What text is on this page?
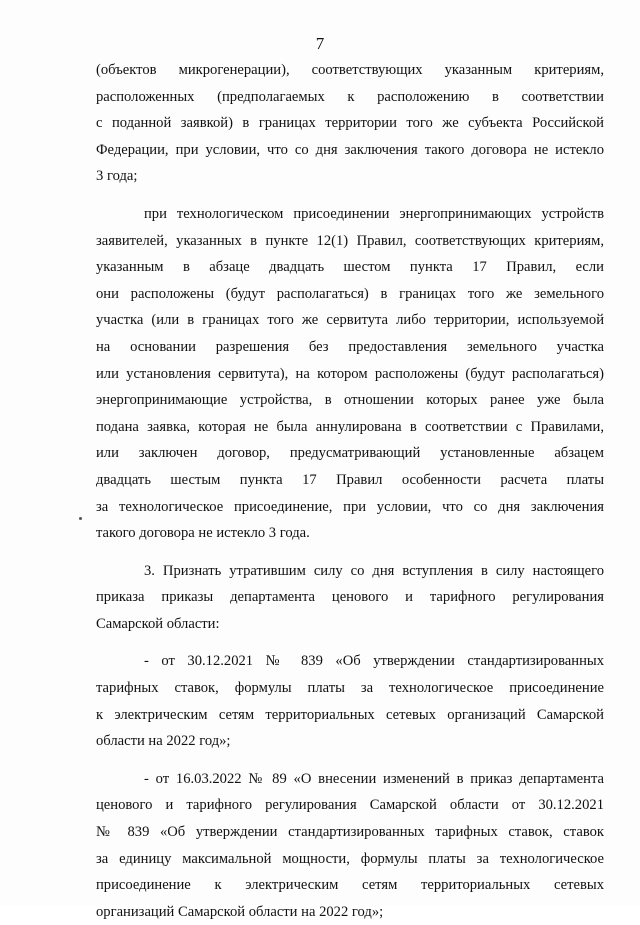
7
(объектов микрогенерации), соответствующих указанным критериям,
расположенных (предполагаемых к расположению в соответствии
с поданной заявкой) в границах территории того же субъекта Российской
Федерации, при условии, что со дня заключения такого договора не истекло
3 года;
при технологическом присоединении энергопринимающих устройств
заявителей, указанных в пункте 12(1) Правил, соответствующих критериям,
указанным в абзаце двадцать шестом пункта 17 Правил, если
они расположены (будут располагаться) в границах того же земельного
участка (или в границах того же сервитута либо территории, используемой
на основании разрешения без предоставления земельного участка
или установления сервитута), на котором расположены (будут располагаться)
энергопринимающие устройства, в отношении которых ранее уже была
подана заявка, которая не была аннулирована в соответствии с Правилами,
или заключен договор, предусматривающий установленные абзацем
двадцать шестым пункта 17 Правил особенности расчета платы
за технологическое присоединение, при условии, что со дня заключения
такого договора не истекло 3 года.
3. Признать утратившим силу со дня вступления в силу настоящего
приказа приказы департамента ценового и тарифного регулирования
Самарской области:
- от 30.12.2021 № 839 «Об утверждении стандартизированных
тарифных ставок, формулы платы за технологическое присоединение
к электрическим сетям территориальных сетевых организаций Самарской
области на 2022 год»;
- от 16.03.2022 № 89 «О внесении изменений в приказ департамента
ценового и тарифного регулирования Самарской области от 30.12.2021
№ 839 «Об утверждении стандартизированных тарифных ставок, ставок
за единицу максимальной мощности, формулы платы за технологическое
присоединение к электрическим сетям территориальных сетевых
организаций Самарской области на 2022 год»;
